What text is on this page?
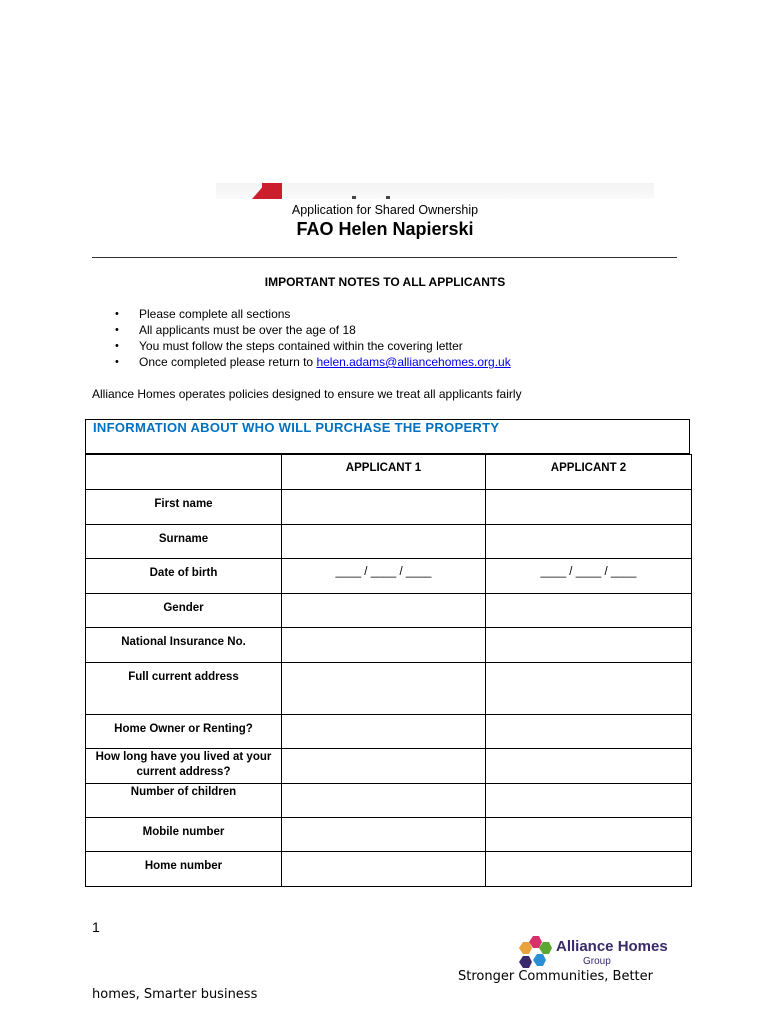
Application for Shared Ownership
FAO Helen Napierski
IMPORTANT NOTES TO ALL APPLICANTS
• Please complete all sections
• All applicants must be over the age of 18
• You must follow the steps contained within the covering letter
• Once completed please return to helen.adams@alliancehomes.org.uk
Alliance Homes operates policies designed to ensure we treat all applicants fairly
INFORMATION ABOUT WHO WILL PURCHASE THE PROPERTY
	APPLICANT 1	APPLICANT 2
First name		
Surname		
Date of birth	____ / ____ / ____	____ / ____ / ____
Gender		
National Insurance No.		
Full current address		
Home Owner or Renting?		
How long have you lived at your current address?		
Number of children		
Mobile number		
Home number		
1
Alliance Homes
Group
Stronger Communities, Better
homes, Smarter business
